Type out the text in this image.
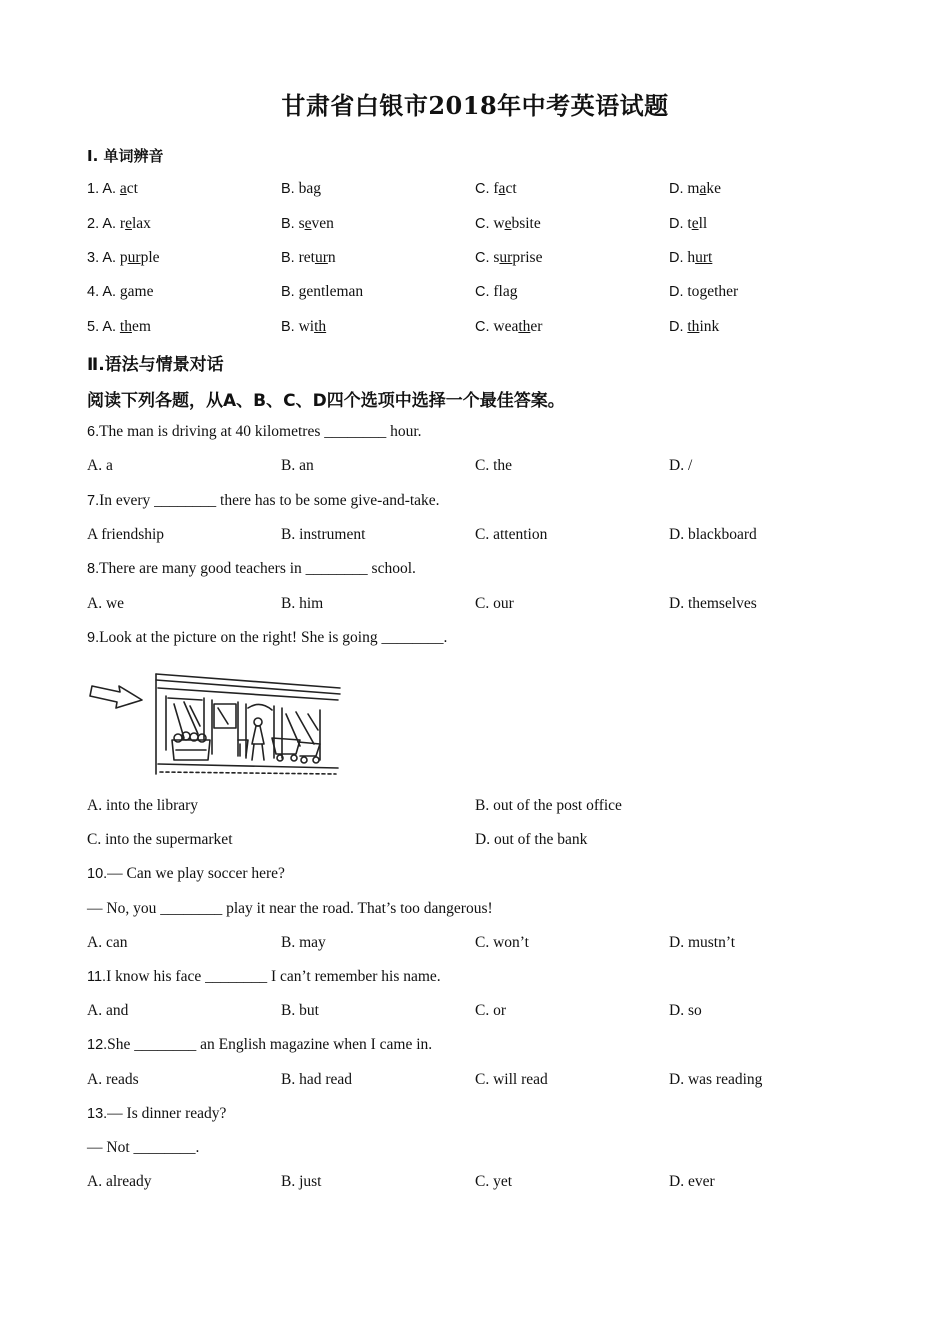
甘肃省白银市2018年中考英语试题
I. 单词辨音
1. A. act	B. bag	C. fact	D. make
2. A. relax	B. seven	C. website	D. tell
3. A. purple	B. return	C. surprise	D. hurt
4. A. game	B. gentleman	C. flag	D. together
5. A. them	B. with	C. weather	D. think
Ⅱ.语法与情景对话
阅读下列各题，从A、B、C、D四个选项中选择一个最佳答案。
6.The man is driving at 40 kilometres ________ hour.
A. a	B. an	C. the	D. /
7.In every ________ there has to be some give-and-take.
A friendship	B. instrument	C. attention	D. blackboard
8.There are many good teachers in ________ school.
A. we	B. him	C. our	D. themselves
9.Look at the picture on the right! She is going ________.
A. into the library	B. out of the post office
C. into the supermarket	D. out of the bank
10.— Can we play soccer here?
— No, you ________ play it near the road. That’s too dangerous!
A. can	B. may	C. won’t	D. mustn’t
11.I know his face ________ I can’t remember his name.
A. and	B. but	C. or	D. so
12.She ________ an English magazine when I came in.
A. reads	B. had read	C. will read	D. was reading
13.— Is dinner ready?
— Not ________.
A. already	B. just	C. yet	D. ever
